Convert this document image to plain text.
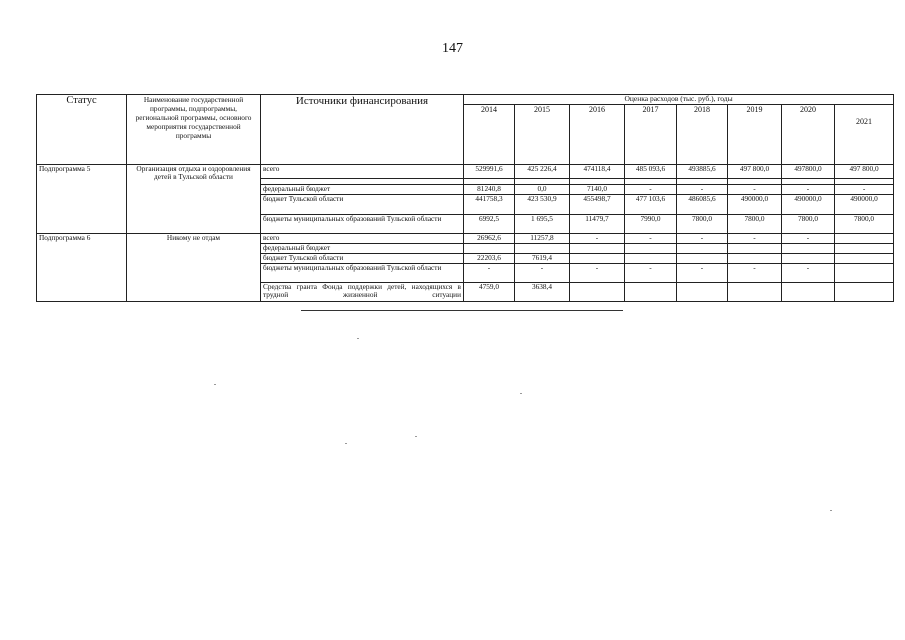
147
Статус	Наименование государственной программы, подпрограммы, региональной программы, основного мероприятия государственной программы	Источники финансирования	Оценка расходов (тыс. руб.), годы							
			2014	2015	2016	2017	2018	2019	2020	2021
Подпрограмма 5	Организация отдыха и оздоровления детей в Тульской области	всего	529991,6	425 226,4	474118,4	485 093,6	493885,6	497 800,0	497800,0	497 800,0

		федеральный бюджет	81240,8	0,0	7140,0	-	-	-	-	-
		бюджет Тульской области	441758,3	423 530,9	455498,7	477 103,6	486085,6	490000,0	490000,0	490000,0
		бюджеты муниципальных образований Тульской области	6992,5	1 695,5	11479,7	7990,0	7800,0	7800,0	7800,0	7800,0
Подпрограмма 6	Никому не отдам	всего	26962,6	11257,8	-	-	-	-	-	
		федеральный бюджет								
		бюджет Тульской области	22203,6	7619,4						
		бюджеты муниципальных образований Тульской области	-	-	-	-	-	-	-	
		Средства гранта Фонда поддержки детей, находящихся в трудной жизненной ситуации	4759,0	3638,4						
